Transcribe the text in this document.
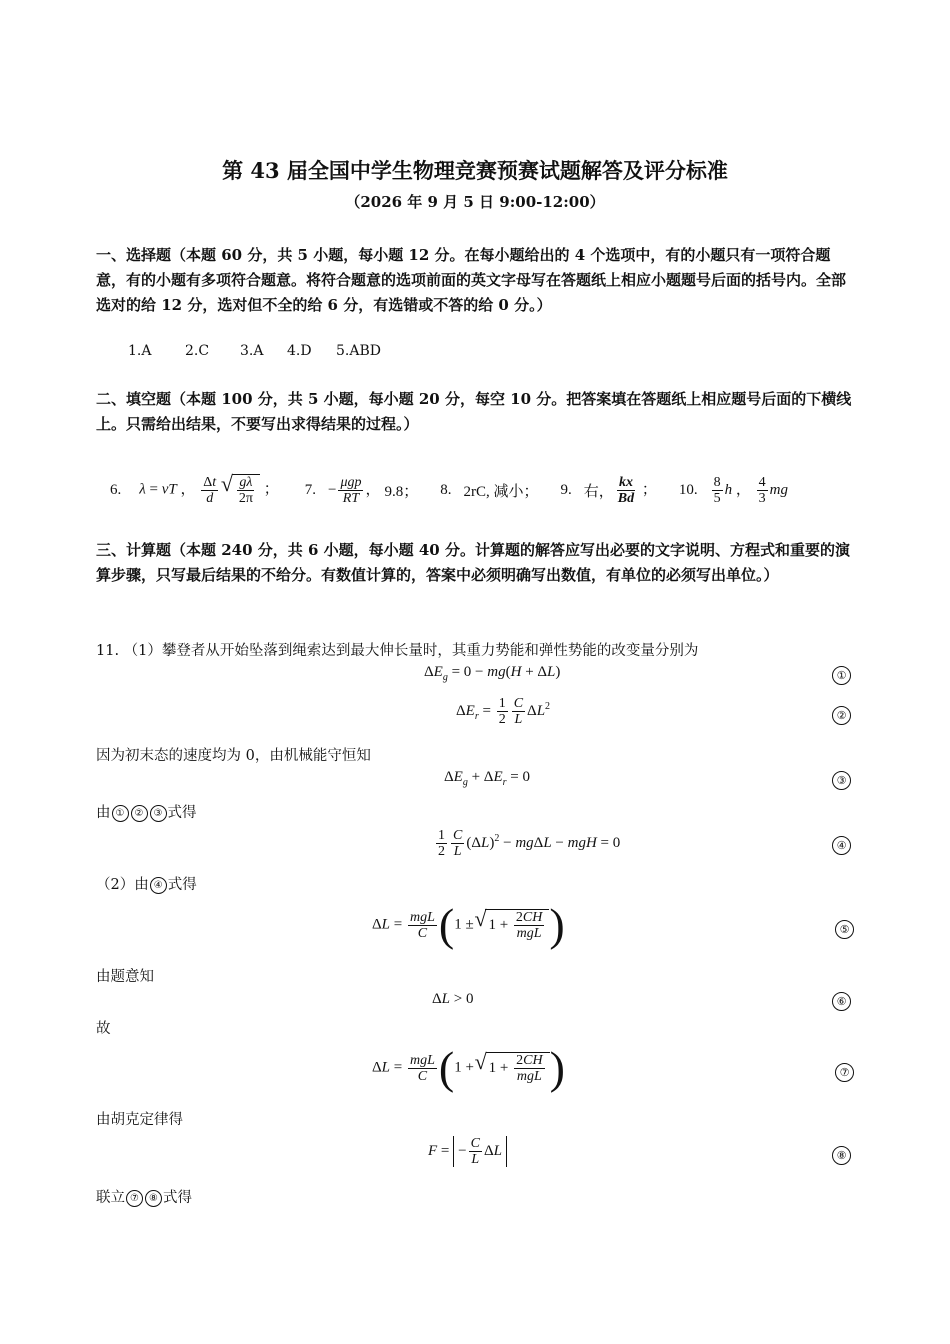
第 43 届全国中学生物理竞赛预赛试题解答及评分标准
（2026 年 9 月 5 日 9:00-12:00）
一、选择题（本题 60 分，共 5 小题，每小题 12 分。在每小题给出的 4 个选项中，有的小题只有一项符合题意，有的小题有多项符合题意。将符合题意的选项前面的英文字母写在答题纸上相应小题题号后面的括号内。全部选对的给 12 分，选对但不全的给 6 分，有选错或不答的给 0 分。）
1.A 2.C 3.A 4.D 5.ABD
二、填空题（本题 100 分，共 5 小题，每小题 20 分，每空 10 分。把答案填在答题纸上相应题号后面的下横线上。只需给出结果，不要写出求得结果的过程。）
6. λ = vT ， $\frac{\Delta t}{d}$

√ $\frac{g\lambda}{2\pi}$ ； 7. − $\frac{\text{μgp}}{RT}$ ， 9.8； 8. 2rC, 减小； 9. 右， $\frac{kx}{Bd}$ ； 10. $\frac{8}{5}$ h ， $\frac{4}{3}$ mg
三、计算题（本题 240 分，共 6 小题，每小题 40 分。计算题的解答应写出必要的文字说明、方程式和重要的演算步骤，只写最后结果的不给分。有数值计算的，答案中必须明确写出数值，有单位的必须写出单位。）
11. （1）攀登者从开始坠落到绳索达到最大伸长量时，其重力势能和弹性势能的改变量分别为
$\Delta E_g = 0 - mg(H + \Delta L)$	①
$\Delta E_r = \frac{1}{2} \frac{C}{L} \Delta L^2$
②
因为初末态的速度均为 0，由机械能守恒知
$\Delta E_g + \Delta E_r = 0$	③
由 ① ② ③ 式得
$\frac{1}{2} \frac{C}{L} (\Delta L)^2 - mg\Delta L$ − mgH = 0	④
（2）由 ④ 式得
$\Delta L = \frac{\text{mgL}}{C} (1$ ± √ $1 + \frac{2CH}{\text{mgL}}$ )	⑤
由题意知
ΔL > 0	⑥
故
$\Delta L = \frac{\text{mgL}}{C} (1$ + √ $1 + \frac{2CH}{\text{mgL}}$ )	⑦
由胡克定律得
F = − $\frac{C}{L}$ ΔL	⑧
联立 ⑦ ⑧ 式得
